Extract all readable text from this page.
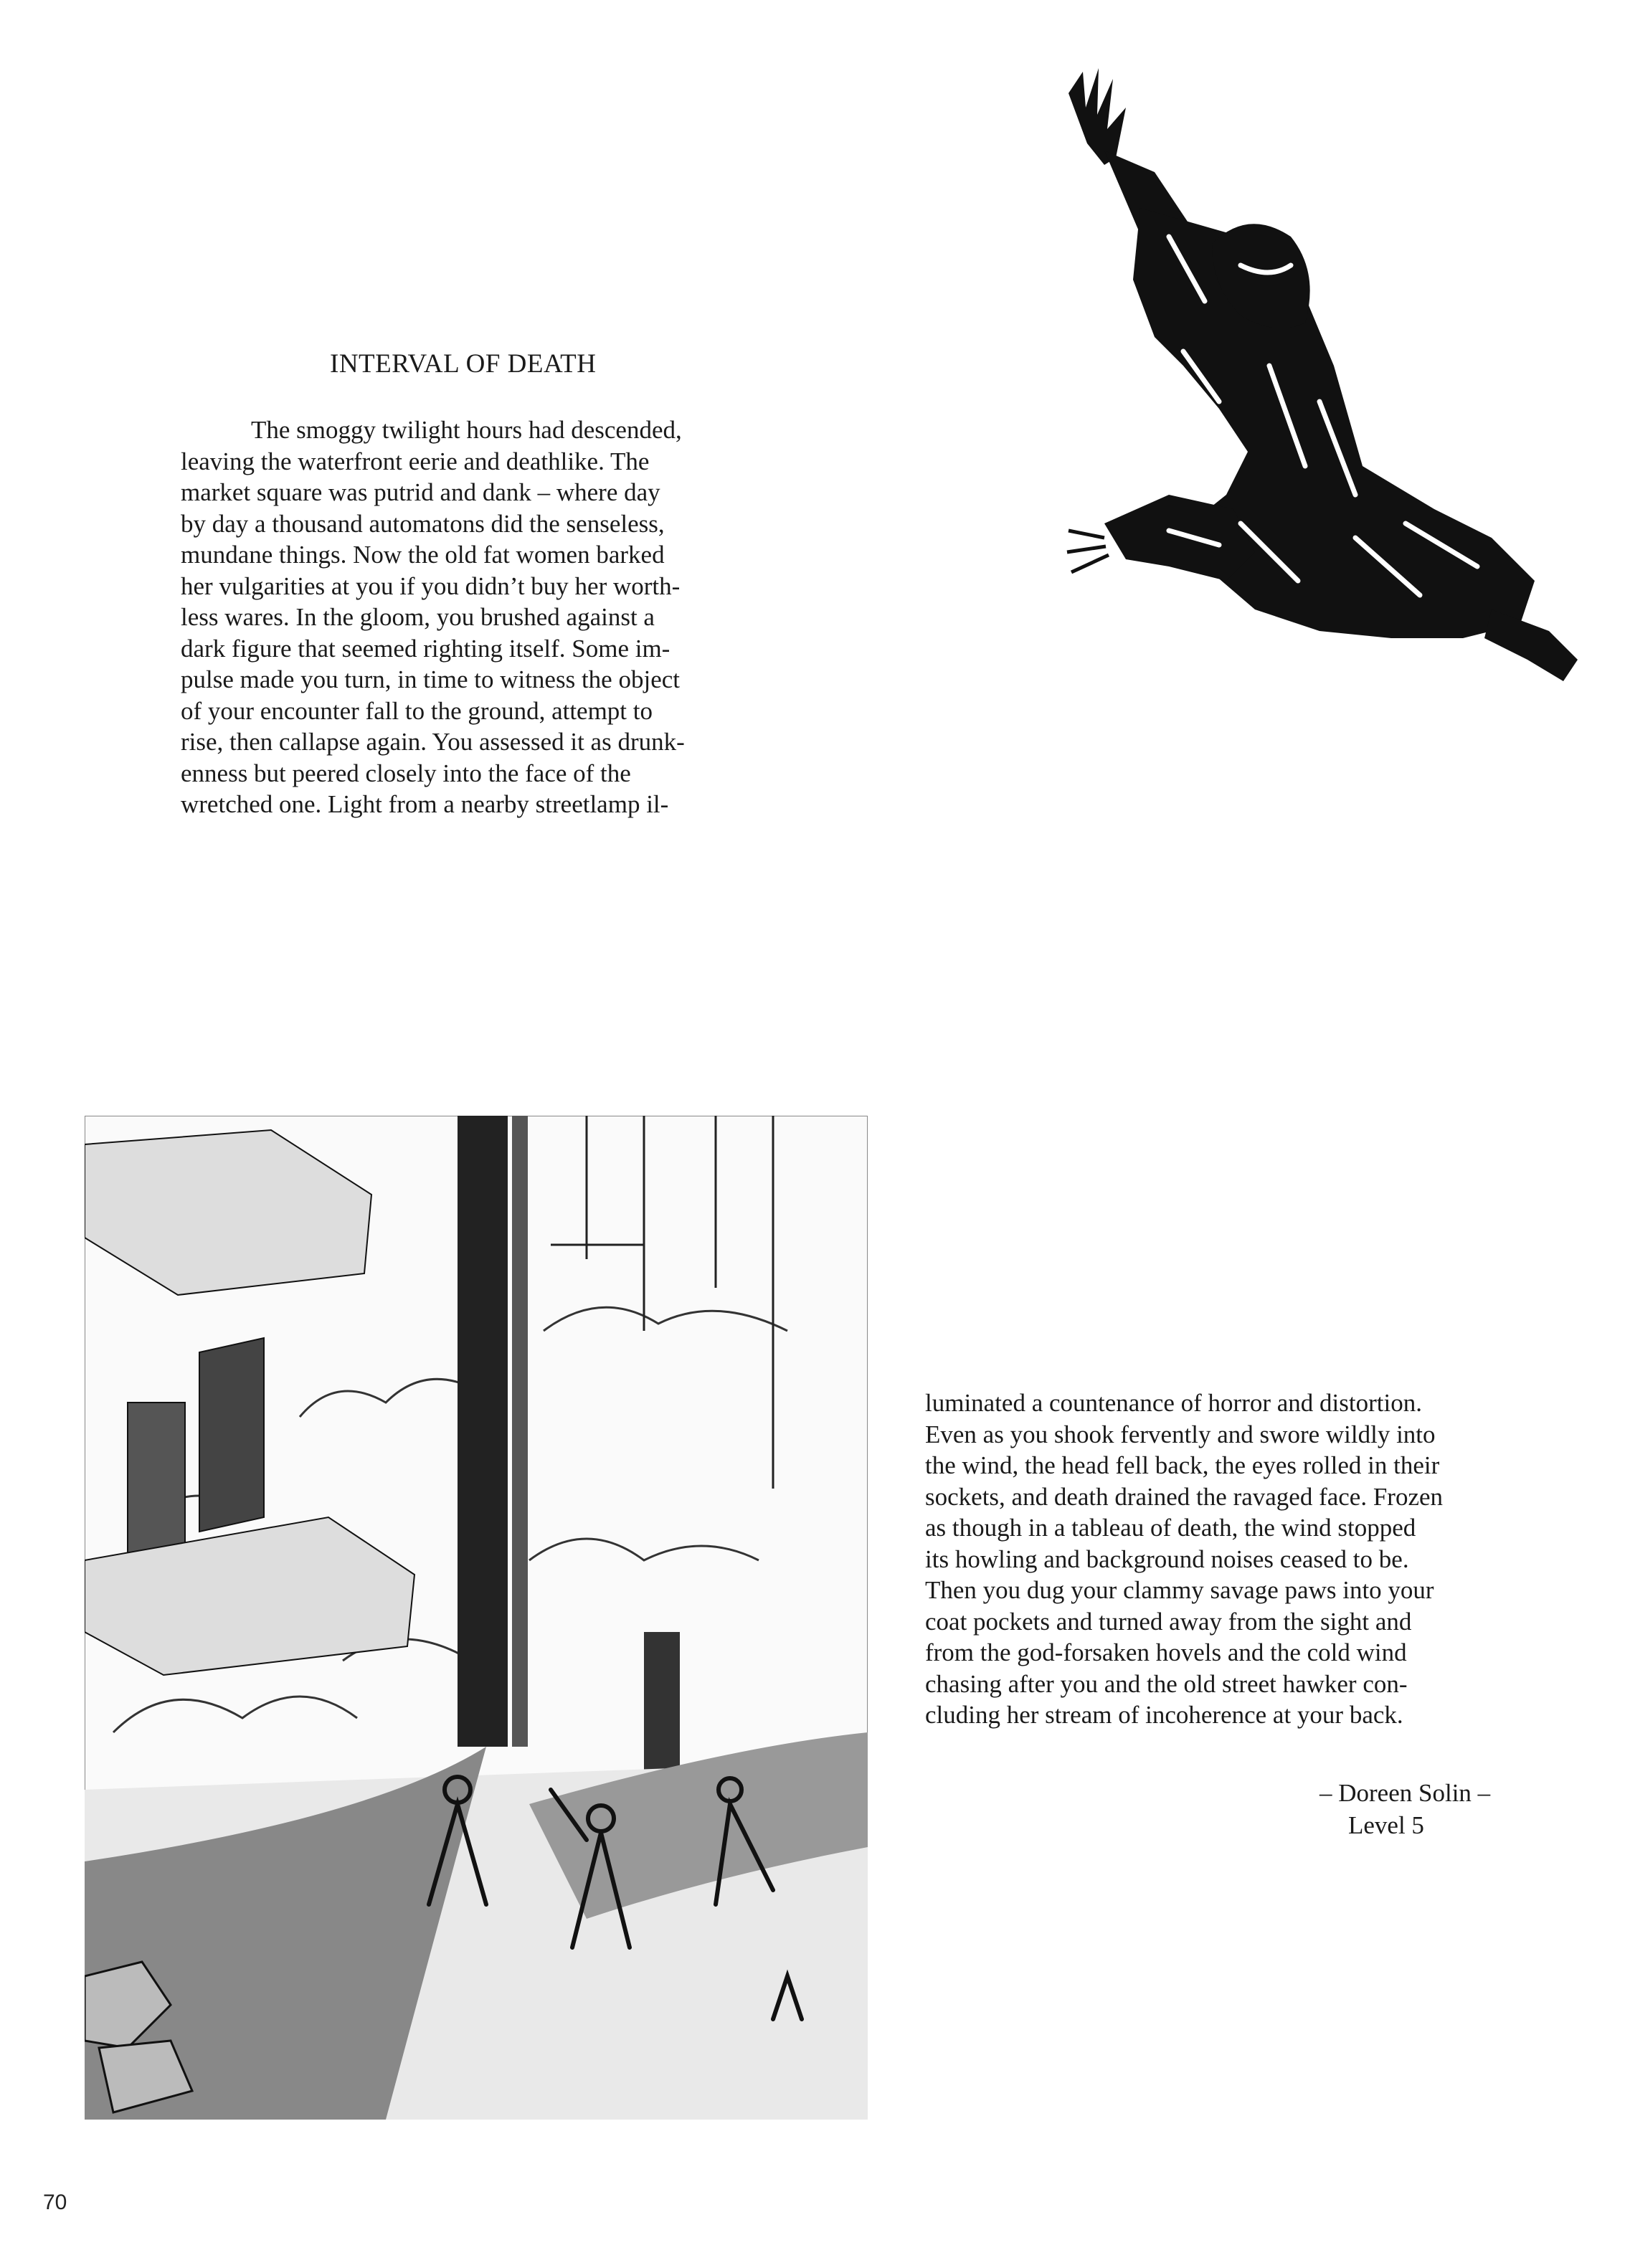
INTERVAL OF DEATH
The smoggy twilight hours had descended,
leaving the waterfront eerie and deathlike. The
market square was putrid and dank – where day
by day a thousand automatons did the senseless,
mundane things. Now the old fat women barked
her vulgarities at you if you didn’t buy her worth-
less wares. In the gloom, you brushed against a
dark figure that seemed righting itself. Some im-
pulse made you turn, in time to witness the object
of your encounter fall to the ground, attempt to
rise, then callapse again. You assessed it as drunk-
enness but peered closely into the face of the
wretched one. Light from a nearby streetlamp il-
luminated a countenance of horror and distortion.
Even as you shook fervently and swore wildly into
the wind, the head fell back, the eyes rolled in their
sockets, and death drained the ravaged face. Frozen
as though in a tableau of death, the wind stopped
its howling and background noises ceased to be.
Then you dug your clammy savage paws into your
coat pockets and turned away from the sight and
from the god-forsaken hovels and the cold wind
chasing after you and the old street hawker con-
cluding her stream of incoherence at your back.
– Doreen Solin –
Level 5
70
